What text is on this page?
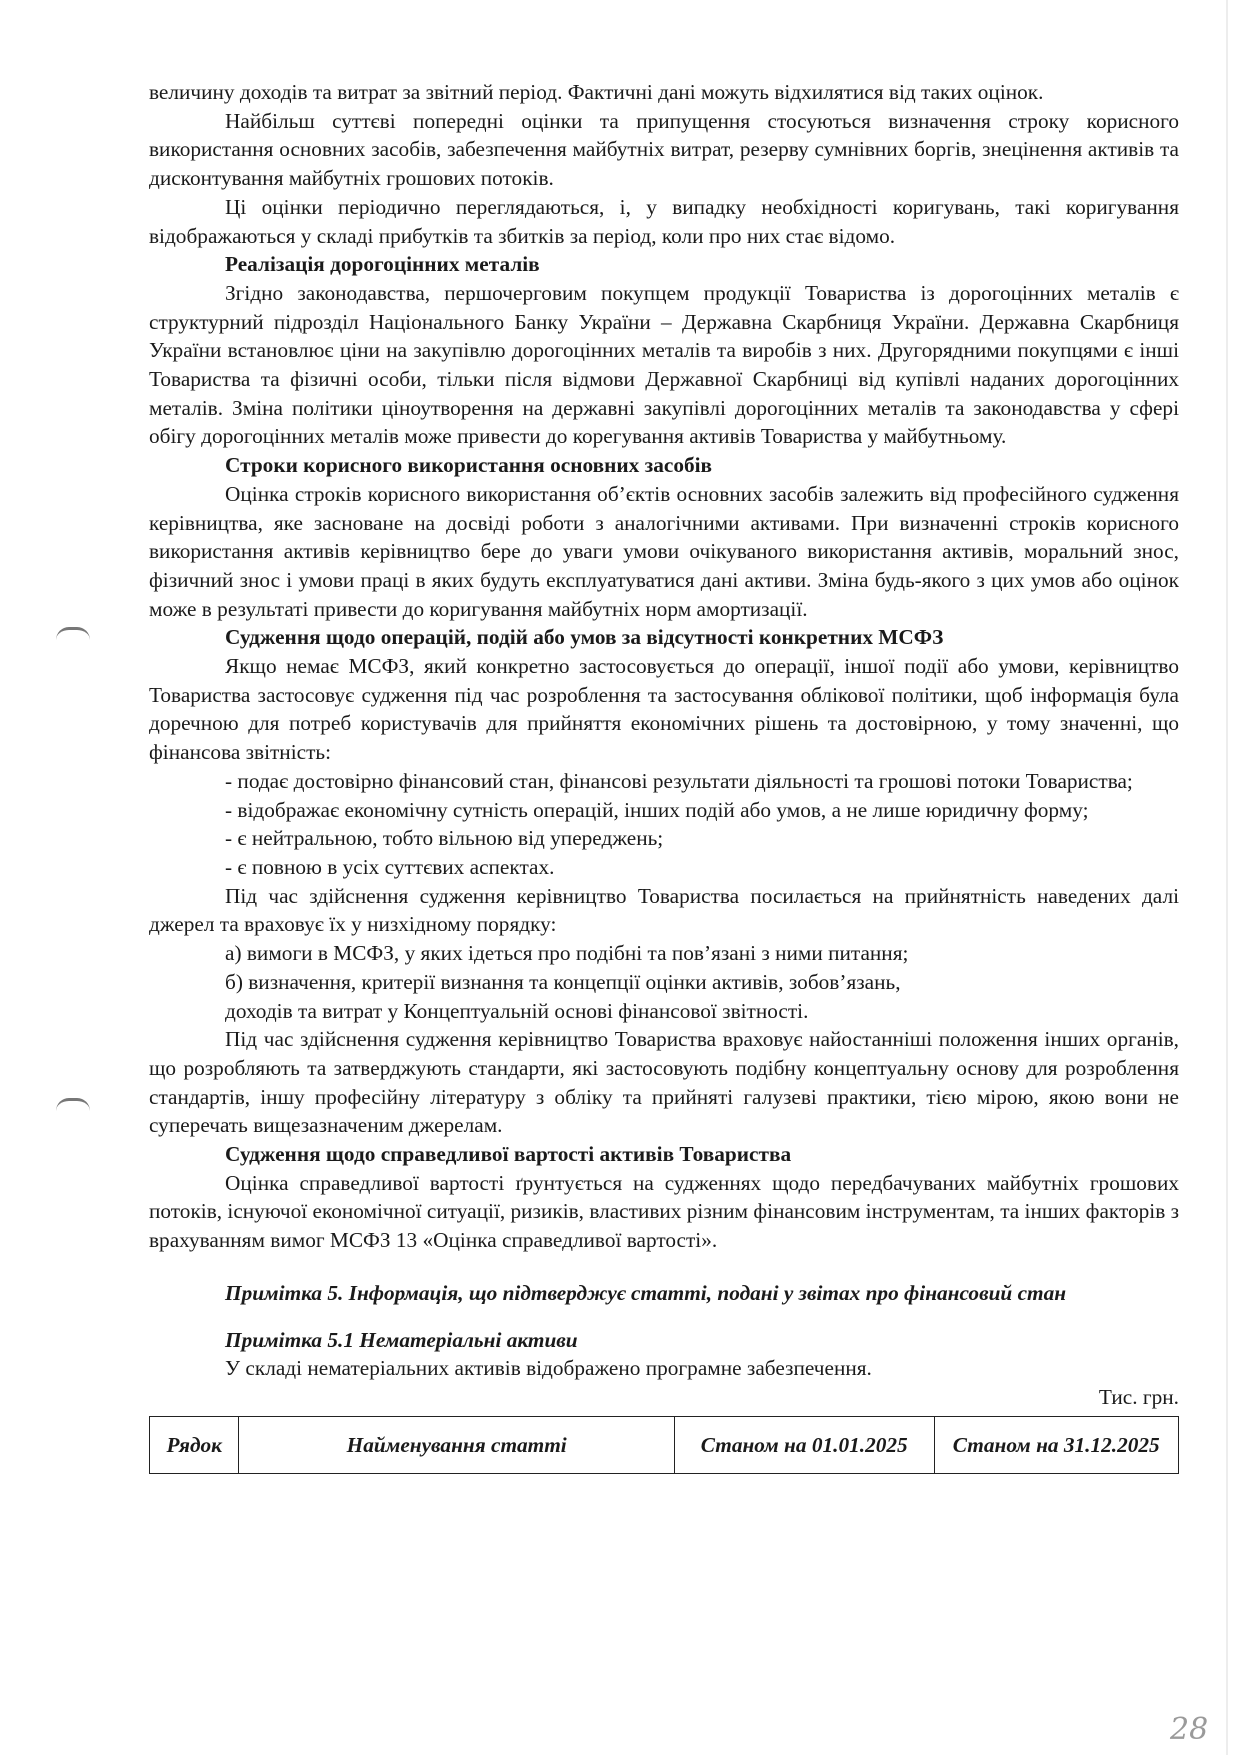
величину доходів та витрат за звітний період. Фактичні дані можуть відхилятися від таких оцінок.

Найбільш суттєві попередні оцінки та припущення стосуються визначення строку корисного використання основних засобів, забезпечення майбутніх витрат, резерву сумнівних боргів, знецінення активів та дисконтування майбутніх грошових потоків.

Ці оцінки періодично переглядаються, і, у випадку необхідності коригувань, такі коригування відображаються у складі прибутків та збитків за період, коли про них стає відомо.

Реалізація дорогоцінних металів

Згідно законодавства, першочерговим покупцем продукції Товариства із дорогоцінних металів є структурний підрозділ Національного Банку України – Державна Скарбниця України. Державна Скарбниця України встановлює ціни на закупівлю дорогоцінних металів та виробів з них. Другорядними покупцями є інші Товариства та фізичні особи, тільки після відмови Державної Скарбниці від купівлі наданих дорогоцінних металів. Зміна політики ціноутворення на державні закупівлі дорогоцінних металів та законодавства у сфері обігу дорогоцінних металів може привести до корегування активів Товариства у майбутньому.

Строки корисного використання основних засобів

Оцінка строків корисного використання об’єктів основних засобів залежить від професійного судження керівництва, яке засноване на досвіді роботи з аналогічними активами. При визначенні строків корисного використання активів керівництво бере до уваги умови очікуваного використання активів, моральний знос, фізичний знос і умови праці в яких будуть експлуатуватися дані активи. Зміна будь-якого з цих умов або оцінок може в результаті привести до коригування майбутніх норм амортизації.

Судження щодо операцій, подій або умов за відсутності конкретних МСФЗ

Якщо немає МСФЗ, який конкретно застосовується до операції, іншої події або умови, керівництво Товариства застосовує судження під час розроблення та застосування облікової політики, щоб інформація була доречною для потреб користувачів для прийняття економічних рішень та достовірною, у тому значенні, що фінансова звітність:

- подає достовірно фінансовий стан, фінансові результати діяльності та грошові потоки Товариства;

- відображає економічну сутність операцій, інших подій або умов, а не лише юридичну форму;

- є нейтральною, тобто вільною від упереджень;

- є повною в усіх суттєвих аспектах.

Під час здійснення судження керівництво Товариства посилається на прийнятність наведених далі джерел та враховує їх у низхідному порядку:

а) вимоги в МСФЗ, у яких ідеться про подібні та пов’язані з ними питання;

б) визначення, критерії визнання та концепції оцінки активів, зобов’язань,

доходів та витрат у Концептуальній основі фінансової звітності.

Під час здійснення судження керівництво Товариства враховує найостанніші положення інших органів, що розробляють та затверджують стандарти, які застосовують подібну концептуальну основу для розроблення стандартів, іншу професійну літературу з обліку та прийняті галузеві практики, тією мірою, якою вони не суперечать вищезазначеним джерелам.

Судження щодо справедливої вартості активів Товариства

Оцінка справедливої вартості ґрунтується на судженнях щодо передбачуваних майбутніх грошових потоків, існуючої економічної ситуації, ризиків, властивих різним фінансовим інструментам, та інших факторів з врахуванням вимог МСФЗ 13 «Оцінка справедливої вартості».

Примітка 5. Інформація, що підтверджує статті, подані у звітах про фінансовий стан

Примітка 5.1 Нематеріальні активи

У складі нематеріальних активів відображено програмне забезпечення.

Тис. грн.

Рядок	Найменування статті	Станом на 01.01.2025	Станом на 31.12.2025
28
